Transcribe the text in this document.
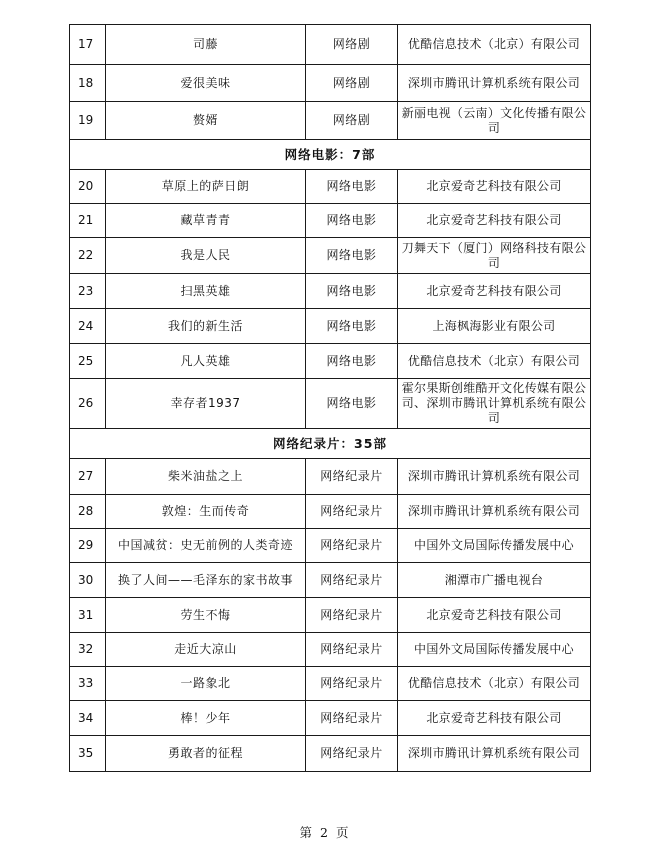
17	司藤	网络剧	优酷信息技术（北京）有限公司
18	爱很美味	网络剧	深圳市腾讯计算机系统有限公司
19	赘婿	网络剧	新丽电视（云南）文化传播有限公司
网络电影：7部			
20	草原上的萨日朗	网络电影	北京爱奇艺科技有限公司
21	藏草青青	网络电影	北京爱奇艺科技有限公司
22	我是人民	网络电影	刀舞天下（厦门）网络科技有限公司
23	扫黑英雄	网络电影	北京爱奇艺科技有限公司
24	我们的新生活	网络电影	上海枫海影业有限公司
25	凡人英雄	网络电影	优酷信息技术（北京）有限公司
26	幸存者1937	网络电影	霍尔果斯创维酷开文化传媒有限公司、深圳市腾讯计算机系统有限公司
网络纪录片：35部			
27	柴米油盐之上	网络纪录片	深圳市腾讯计算机系统有限公司
28	敦煌：生而传奇	网络纪录片	深圳市腾讯计算机系统有限公司
29	中国减贫：史无前例的人类奇迹	网络纪录片	中国外文局国际传播发展中心
30	换了人间——毛泽东的家书故事	网络纪录片	湘潭市广播电视台
31	劳生不悔	网络纪录片	北京爱奇艺科技有限公司
32	走近大凉山	网络纪录片	中国外文局国际传播发展中心
33	一路象北	网络纪录片	优酷信息技术（北京）有限公司
34	棒！少年	网络纪录片	北京爱奇艺科技有限公司
35	勇敢者的征程	网络纪录片	深圳市腾讯计算机系统有限公司
第 2 页
